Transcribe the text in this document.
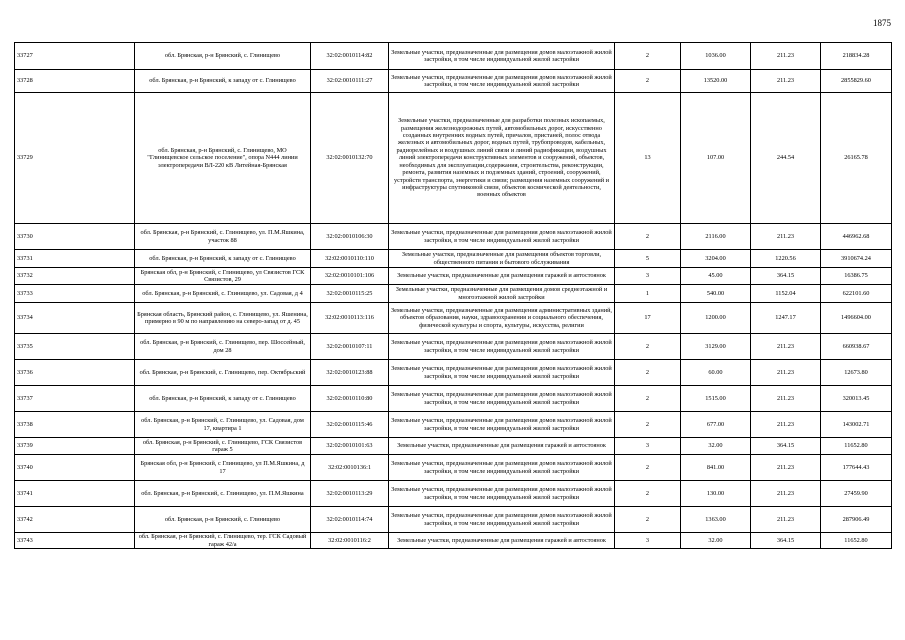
1875
33727	обл. Брянская, р-н Брянский, с. Глинищево	32:02:0010114:82	Земельные участки, предназначенные для размещения домов малоэтажной жилой застройки, в том числе индивидуальной жилой застройки	2	1036.00	211.23	218834.28
33728	обл. Брянская, р-н Брянский, к западу от с. Глинищево	32:02:0010111:27	Земельные участки, предназначенные для размещения домов малоэтажной жилой застройки, в том числе индивидуальной жилой застройки	2	13520.00	211.23	2855829.60
33729	обл. Брянская, р-н Брянский, с. Глинищево, МО "Глинищевское сельское поселение", опора N444 линии электропередачи ВЛ-220 кВ Литейная-Брянская	32:02:0010132:70	Земельные участки, предназначенные для разработки полезных ископаемых, размещения железнодорожных путей, автомобильных дорог, искусственно созданных внутренних водных путей, причалов, пристаней, полос отвода железных и автомобильных дорог, водных путей, трубопроводов, кабельных, радиорелейных и воздушных линий связи и линий радиофикации, воздушных линий электропередачи конструктивных элементов и сооружений, объектов, необходимых для эксплуатации,содержания, строительства, реконструкции, ремонта, развития наземных и подземных зданий, строений, сооружений, устройств транспорта, энергетики и связи; размещения наземных сооружений и инфраструктуры спутниковой связи, объектов космической деятельности, военных объектов	13	107.00	244.54	26165.78
33730	обл. Брянская, р-н Брянский, с. Глинищево, ул. П.М.Яшкина, участок 88	32:02:0010106:30	Земельные участки, предназначенные для размещения домов малоэтажной жилой застройки, в том числе индивидуальной жилой застройки	2	2116.00	211.23	446962.68
33731	обл. Брянская, р-н Брянский, к западу от с. Глинищево	32:02:0010110:110	Земельные участки, предназначенные для размещения объектов торговли, общественного питания и бытового обслуживания	5	3204.00	1220.56	3910674.24
33732	Брянская обл, р-н Брянский, с Глинищево, ул Связистов ГСК Связистов, 29	32:02:0010101:106	Земельные участки, предназначенные для размещения гаражей и автостоянок	3	45.00	364.15	16386.75
33733	обл. Брянская, р-н Брянский, с. Глинищево, ул. Садовая, д 4	32:02:0010115:25	Земельные участки, предназначенные для размещения домов среднеэтажной и многоэтажной жилой застройки	1	540.00	1152.04	622101.60
33734	Брянская область, Брянский район, с. Глинищево, ул. Яшенина, примерно в 90 м по направлению на северо-запад от д. 45	32:02:0010113:116	Земельные участки, предназначенные для размещения административных зданий, объектов образования, науки, здравоохранения и социального обеспечения, физической культуры и спорта, культуры, искусства, религии	17	1200.00	1247.17	1496604.00
33735	обл. Брянская, р-н Брянский, с. Глинищево, пер. Шоссейный, дом 28	32:02:0010107:11	Земельные участки, предназначенные для размещения домов малоэтажной жилой застройки, в том числе индивидуальной жилой застройки	2	3129.00	211.23	660938.67
33736	обл. Брянская, р-н Брянский, с. Глинищево, пер. Октябрьский	32:02:0010123:88	Земельные участки, предназначенные для размещения домов малоэтажной жилой застройки, в том числе индивидуальной жилой застройки	2	60.00	211.23	12673.80
33737	обл. Брянская, р-н Брянский, к западу от с. Глинищево	32:02:0010110:80	Земельные участки, предназначенные для размещения домов малоэтажной жилой застройки, в том числе индивидуальной жилой застройки	2	1515.00	211.23	320013.45
33738	обл. Брянская, р-н Брянский, с. Глинищево, ул. Садовая, дом 17, квартира 1	32:02:0010115:46	Земельные участки, предназначенные для размещения домов малоэтажной жилой застройки, в том числе индивидуальной жилой застройки	2	677.00	211.23	143002.71
33739	обл. Брянская, р-н Брянский, с. Глинищево, ГСК Связистов гараж 5	32:02:0010101:63	Земельные участки, предназначенные для размещения гаражей и автостоянок	3	32.00	364.15	11652.80
33740	Брянская обл, р-н Брянский, с Глинищево, ул П.М.Яшкина, д 17	32:02:0010136:1	Земельные участки, предназначенные для размещения домов малоэтажной жилой застройки, в том числе индивидуальной жилой застройки	2	841.00	211.23	177644.43
33741	обл. Брянская, р-н Брянский, с. Глинищево, ул. П.М.Яшкина	32:02:0010113:29	Земельные участки, предназначенные для размещения домов малоэтажной жилой застройки, в том числе индивидуальной жилой застройки	2	130.00	211.23	27459.90
33742	обл. Брянская, р-н Брянский, с. Глинищево	32:02:0010114:74	Земельные участки, предназначенные для размещения домов малоэтажной жилой застройки, в том числе индивидуальной жилой застройки	2	1363.00	211.23	287906.49
33743	обл. Брянская, р-н Брянский, с. Глинищево, тер. ГСК Садовый гараж 42/а	32:02:0010116:2	Земельные участки, предназначенные для размещения гаражей и автостоянок	3	32.00	364.15	11652.80
